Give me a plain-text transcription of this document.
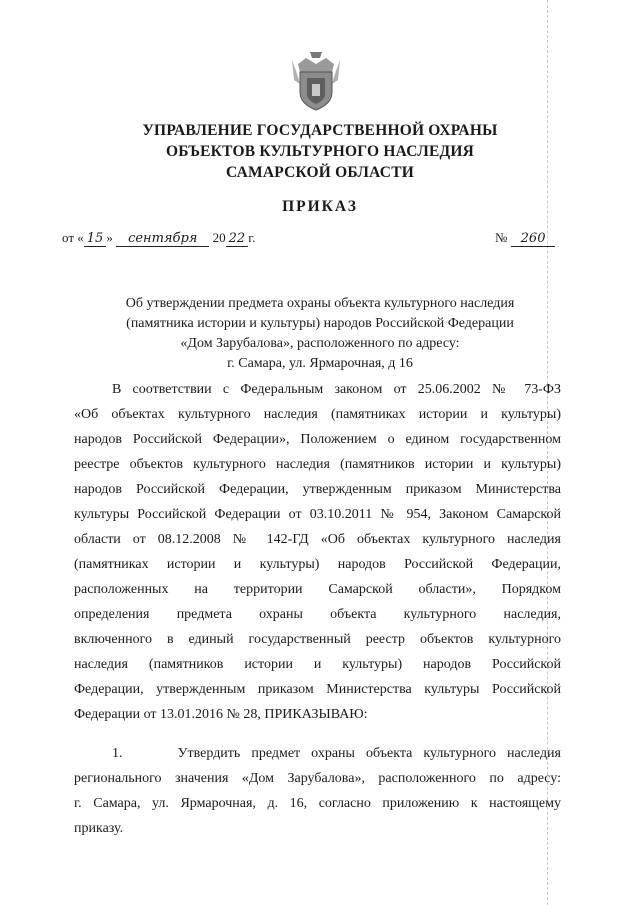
УПРАВЛЕНИЕ ГОСУДАРСТВЕННОЙ ОХРАНЫ
ОБЪЕКТОВ КУЛЬТУРНОГО НАСЛЕДИЯ
САМАРСКОЙ ОБЛАСТИ
ПРИКАЗ
от « 15 » сентября 20 22 г.	№ 260
Об утверждении предмета охраны объекта культурного наследия
(памятника истории и культуры) народов Российской Федерации
«Дом Зарубалова», расположенного по адресу:
г. Самара, ул. Ярмарочная, д 16
В соответствии с Федеральным законом от 25.06.2002 № 73-ФЗ
«Об объектах культурного наследия (памятниках истории и культуры)
народов Российской Федерации», Положением о едином государственном
реестре объектов культурного наследия (памятников истории и культуры)
народов Российской Федерации, утвержденным приказом Министерства
культуры Российской Федерации от 03.10.2011 № 954, Законом Самарской
области от 08.12.2008 № 142-ГД «Об объектах культурного наследия
(памятниках истории и культуры) народов Российской Федерации,
расположенных на территории Самарской области», Порядком
определения предмета охраны объекта культурного наследия,
включенного в единый государственный реестр объектов культурного
наследия (памятников истории и культуры) народов Российской
Федерации, утвержденным приказом Министерства культуры Российской
Федерации от 13.01.2016 № 28, ПРИКАЗЫВАЮ:
1.     Утвердить предмет охраны объекта культурного наследия
регионального значения «Дом Зарубалова», расположенного по адресу:
г. Самара, ул. Ярмарочная, д. 16, согласно приложению к настоящему
приказу.
